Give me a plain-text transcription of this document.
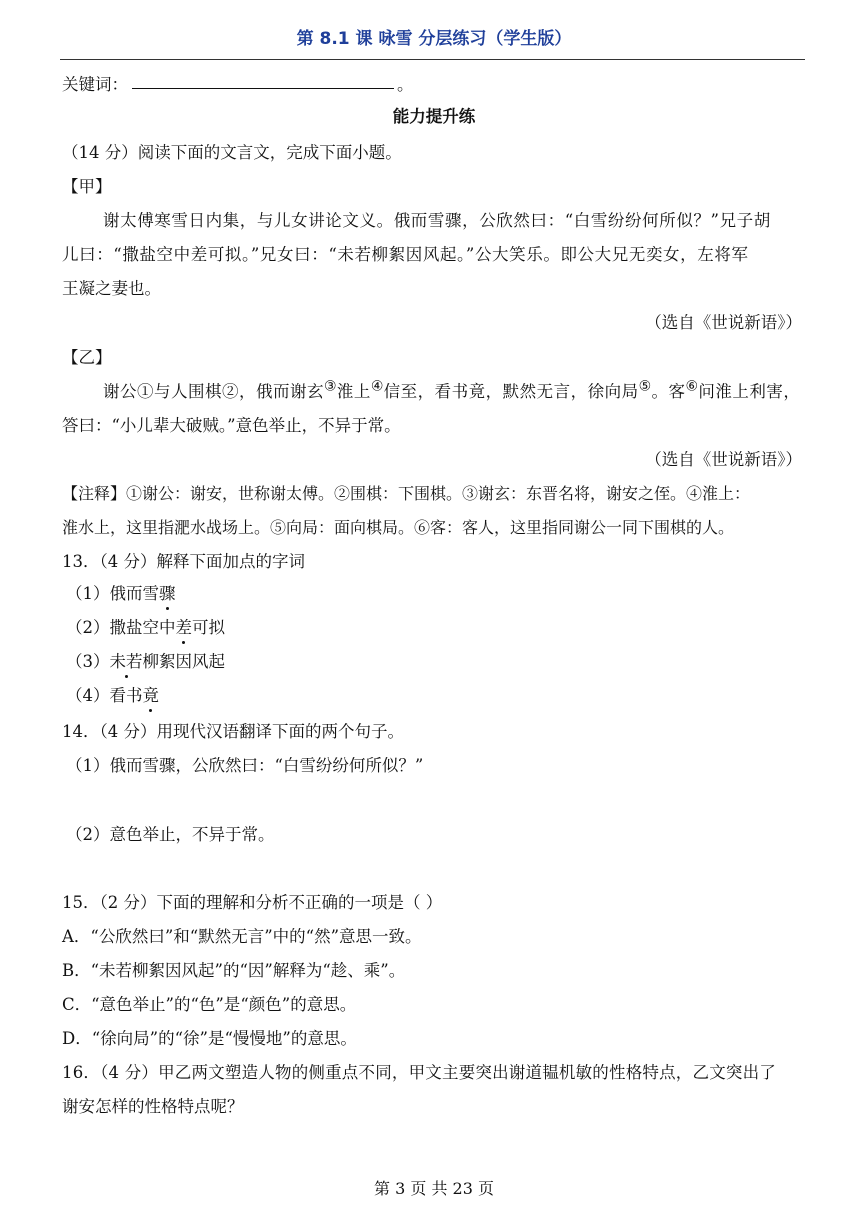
第 8.1 课 咏雪 分层练习（学生版）
关键词：	。
能力提升练
（14 分）阅读下面的文言文，完成下面小题。
【甲】
谢太傅寒雪日内集，与儿女讲论文义。俄而雪骤，公欣然曰：“白雪纷纷何所似？”兄子胡
儿曰：“撒盐空中差可拟。”兄女曰：“未若柳絮因风起。”公大笑乐。即公大兄无奕女，左将军
王凝之妻也。
（选自《世说新语》）
【乙】
谢公①与人围棋②，俄而谢玄③淮上④信至，看书竟，默然无言，徐向局⑤。客⑥问淮上利害，
答曰：“小儿辈大破贼。”意色举止，不异于常。
（选自《世说新语》）
【注释】①谢公：谢安，世称谢太傅。②围棋：下围棋。③谢玄：东晋名将，谢安之侄。④淮上：
淮水上，这里指淝水战场上。⑤向局：面向棋局。⑥客：客人，这里指同谢公一同下围棋的人。
13．（4 分）解释下面加点的字词
（1）俄而雪骤
（2）撒盐空中差可拟
（3）未若柳絮因风起
（4）看书竟
14．（4 分）用现代汉语翻译下面的两个句子。
（1）俄而雪骤，公欣然曰：“白雪纷纷何所似？”
（2）意色举止，不异于常。
15．（2 分）下面的理解和分析不正确的一项是（ ）
A．“公欣然曰”和“默然无言”中的“然”意思一致。
B．“未若柳絮因风起”的“因”解释为“趁、乘”。
C．“意色举止”的“色”是“颜色”的意思。
D．“徐向局”的“徐”是“慢慢地”的意思。
16．（4 分）甲乙两文塑造人物的侧重点不同，甲文主要突出谢道韫机敏的性格特点，乙文突出了
谢安怎样的性格特点呢？
第 3 页 共 23 页
